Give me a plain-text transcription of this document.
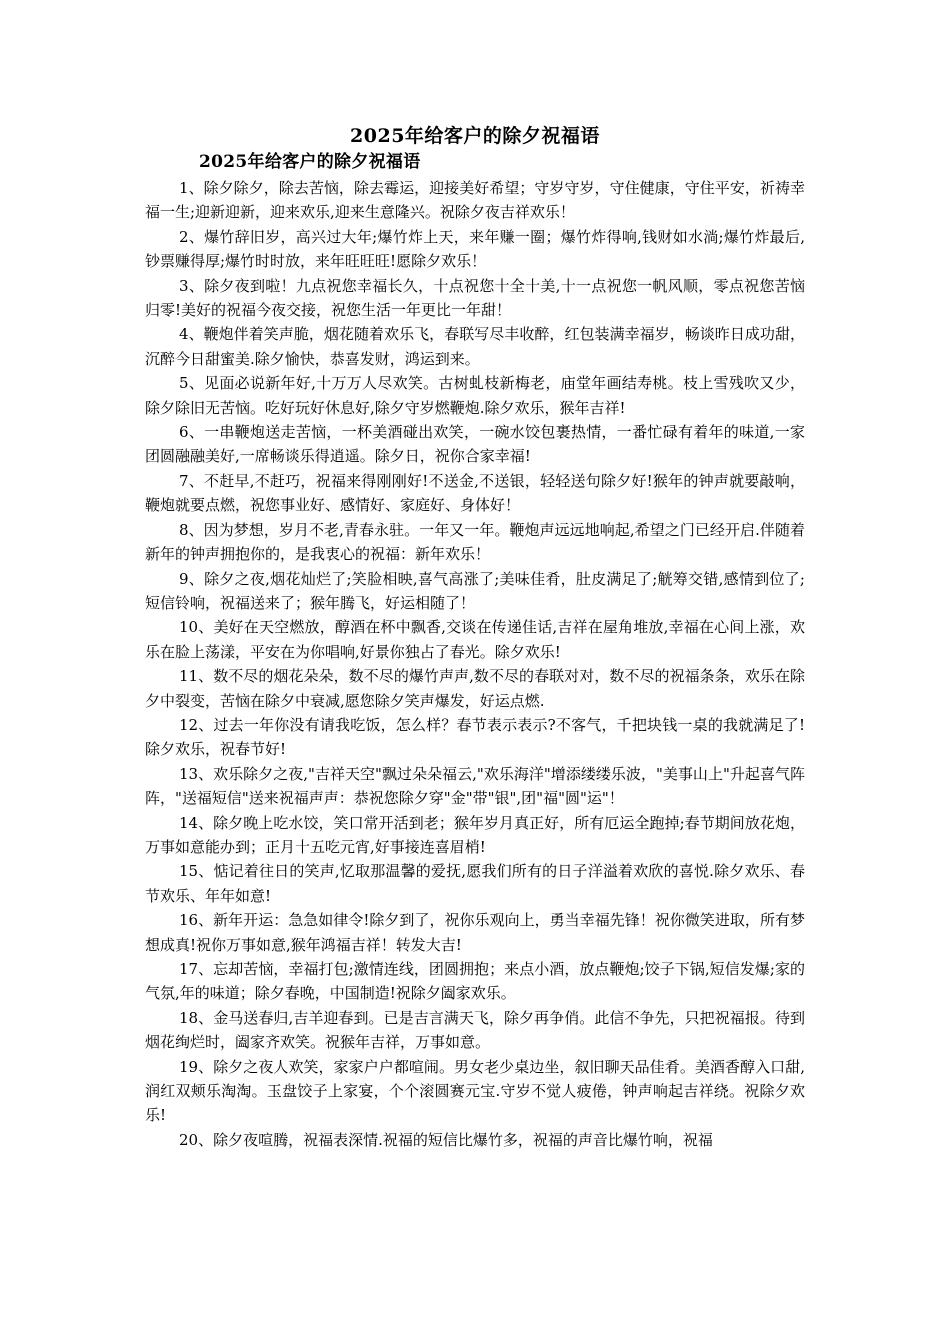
2025年给客户的除夕祝福语
2025年给客户的除夕祝福语

1、除夕除夕，除去苦恼，除去霉运，迎接美好希望；守岁守岁，守住健康，守住平安，祈祷幸福一生;迎新迎新，迎来欢乐,迎来生意隆兴。祝除夕夜吉祥欢乐！

2、爆竹辞旧岁，高兴过大年;爆竹炸上天，来年赚一圈；爆竹炸得响,钱财如水淌;爆竹炸最后,钞票赚得厚;爆竹时时放，来年旺旺旺!愿除夕欢乐！

3、除夕夜到啦！九点祝您幸福长久，十点祝您十全十美,十一点祝您一帆风顺，零点祝您苦恼归零!美好的祝福今夜交接，祝您生活一年更比一年甜！

4、鞭炮伴着笑声脆，烟花随着欢乐飞，春联写尽丰收醉，红包装满幸福岁，畅谈昨日成功甜，沉醉今日甜蜜美.除夕愉快，恭喜发财，鸿运到来。

5、见面必说新年好,十万万人尽欢笑。古树虬枝新梅老，庙堂年画结寿桃。枝上雪残吹又少，除夕除旧无苦恼。吃好玩好休息好,除夕守岁燃鞭炮.除夕欢乐，猴年吉祥!

6、一串鞭炮送走苦恼，一杯美酒碰出欢笑，一碗水饺包裹热情，一番忙碌有着年的味道,一家团圆融融美好,一席畅谈乐得逍遥。除夕日，祝你合家幸福!

7、不赶早,不赶巧，祝福来得刚刚好!不送金,不送银，轻轻送句除夕好!猴年的钟声就要敲响，鞭炮就要点燃，祝您事业好、感情好、家庭好、身体好！

8、因为梦想，岁月不老,青春永驻。一年又一年。鞭炮声远远地响起,希望之门已经开启.伴随着新年的钟声拥抱你的，是我衷心的祝福：新年欢乐！

9、除夕之夜,烟花灿烂了;笑脸相映,喜气高涨了;美味佳肴，肚皮满足了;觥筹交错,感情到位了;短信铃响，祝福送来了；猴年腾飞，好运相随了！

10、美好在天空燃放，醇酒在杯中飘香,交谈在传递佳话,吉祥在屋角堆放,幸福在心间上涨，欢乐在脸上荡漾，平安在为你唱响,好景你独占了春光。除夕欢乐!

11、数不尽的烟花朵朵，数不尽的爆竹声声,数不尽的春联对对，数不尽的祝福条条，欢乐在除夕中裂变，苦恼在除夕中衰减,愿您除夕笑声爆发，好运点燃.

12、过去一年你没有请我吃饭，怎么样？春节表示表示?不客气，千把块钱一桌的我就满足了!除夕欢乐，祝春节好!

13、欢乐除夕之夜,"吉祥天空"飘过朵朵福云,"欢乐海洋"增添缕缕乐波，"美事山上"升起喜气阵阵，"送福短信"送来祝福声声：恭祝您除夕穿"金"带"银",团"福"圆"运"！

14、除夕晚上吃水饺，笑口常开活到老；猴年岁月真正好，所有厄运全跑掉;春节期间放花炮，万事如意能办到；正月十五吃元宵,好事接连喜眉梢!

15、惦记着往日的笑声,忆取那温馨的爱抚,愿我们所有的日子洋溢着欢欣的喜悦.除夕欢乐、春节欢乐、年年如意!

16、新年开运：急急如律令!除夕到了，祝你乐观向上，勇当幸福先锋！祝你微笑进取，所有梦想成真!祝你万事如意,猴年鸿福吉祥！转发大吉!

17、忘却苦恼，幸福打包;激情连线，团圆拥抱；来点小酒，放点鞭炮;饺子下锅,短信发爆;家的气氛,年的味道；除夕春晚，中国制造!祝除夕阖家欢乐。

18、金马送春归,吉羊迎春到。已是吉言满天飞，除夕再争俏。此信不争先，只把祝福报。待到烟花绚烂时，阖家齐欢笑。祝猴年吉祥，万事如意。

19、除夕之夜人欢笑，家家户户都喧闹。男女老少桌边坐，叙旧聊天品佳肴。美酒香醇入口甜,润红双颊乐淘淘。玉盘饺子上家宴，个个滚圆赛元宝.守岁不觉人疲倦，钟声响起吉祥绕。祝除夕欢乐!

20、除夕夜喧腾，祝福表深情.祝福的短信比爆竹多，祝福的声音比爆竹响，祝福
